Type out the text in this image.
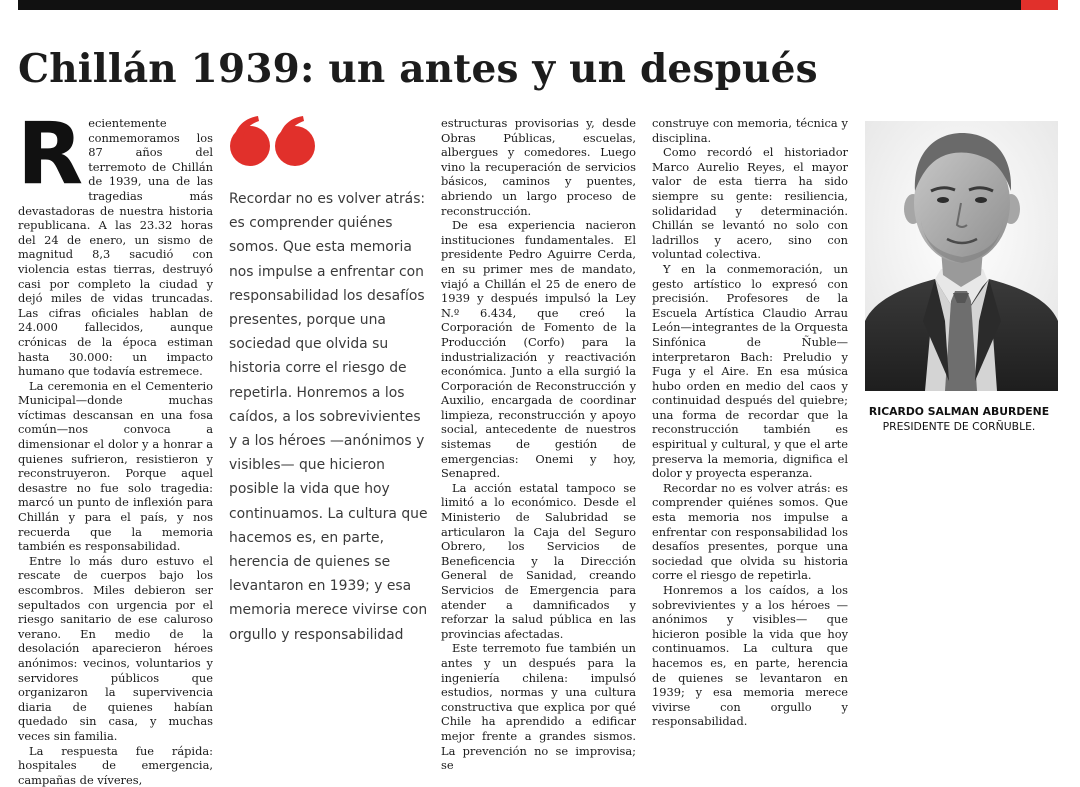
Chillán 1939: un antes y un después

Recientemente conmemoramos los 87 años del terremoto de Chillán de 1939, una de las tragedias más devastadoras de nuestra historia republicana. A las 23.32 horas del 24 de enero, un sismo de magnitud 8,3 sacudió con violencia estas tierras, destruyó casi por completo la ciudad y dejó miles de vidas truncadas. Las cifras oficiales hablan de 24.000 fallecidos, aunque crónicas de la época estiman hasta 30.000: un impacto humano que todavía estremece.

La ceremonia en el Cementerio Municipal—donde muchas víctimas descansan en una fosa común—nos convoca a dimensionar el dolor y a honrar a quienes sufrieron, resistieron y reconstruyeron. Porque aquel desastre no fue solo tragedia: marcó un punto de inflexión para Chillán y para el país, y nos recuerda que la memoria también es responsabilidad.

Entre lo más duro estuvo el rescate de cuerpos bajo los escombros. Miles debieron ser sepultados con urgencia por el riesgo sanitario de ese caluroso verano. En medio de la desolación aparecieron héroes anónimos: vecinos, voluntarios y servidores públicos que organizaron la supervivencia diaria de quienes habían quedado sin casa, y muchas veces sin familia.

La respuesta fue rápida: hospitales de emergencia, campañas de víveres,

Recordar no es volver atrás: es comprender quiénes somos. Que esta memoria nos impulse a enfrentar con responsabilidad los desafíos presentes, porque una sociedad que olvida su historia corre el riesgo de repetirla. Honremos a los caídos, a los sobrevivientes y a los héroes —anónimos y visibles— que hicieron posible la vida que hoy continuamos. La cultura que hacemos es, en parte, herencia de quienes se levantaron en 1939; y esa memoria merece vivirse con orgullo y responsabilidad

estructuras provisorias y, desde Obras Públicas, escuelas, albergues y comedores. Luego vino la recuperación de servicios básicos, caminos y puentes, abriendo un largo proceso de reconstrucción.

De esa experiencia nacieron instituciones fundamentales. El presidente Pedro Aguirre Cerda, en su primer mes de mandato, viajó a Chillán el 25 de enero de 1939 y después impulsó la Ley N.º 6.434, que creó la Corporación de Fomento de la Producción (Corfo) para la industrialización y reactivación económica. Junto a ella surgió la Corporación de Reconstrucción y Auxilio, encargada de coordinar limpieza, reconstrucción y apoyo social, antecedente de nuestros sistemas de gestión de emergencias: Onemi y hoy, Senapred.

La acción estatal tampoco se limitó a lo económico. Desde el Ministerio de Salubridad se articularon la Caja del Seguro Obrero, los Servicios de Beneficencia y la Dirección General de Sanidad, creando Servicios de Emergencia para atender a damnificados y reforzar la salud pública en las provincias afectadas.

Este terremoto fue también un antes y un después para la ingeniería chilena: impulsó estudios, normas y una cultura constructiva que explica por qué Chile ha aprendido a edificar mejor frente a grandes sismos. La prevención no se improvisa; se

construye con memoria, técnica y disciplina.

Como recordó el historiador Marco Aurelio Reyes, el mayor valor de esta tierra ha sido siempre su gente: resiliencia, solidaridad y determinación. Chillán se levantó no solo con ladrillos y acero, sino con voluntad colectiva.

Y en la conmemoración, un gesto artístico lo expresó con precisión. Profesores de la Escuela Artística Claudio Arrau León—integrantes de la Orquesta Sinfónica de Ñuble—interpretaron Bach: Preludio y Fuga y el Aire. En esa música hubo orden en medio del caos y continuidad después del quiebre; una forma de recordar que la reconstrucción también es espiritual y cultural, y que el arte preserva la memoria, dignifica el dolor y proyecta esperanza.

Recordar no es volver atrás: es comprender quiénes somos. Que esta memoria nos impulse a enfrentar con responsabilidad los desafíos presentes, porque una sociedad que olvida su historia corre el riesgo de repetirla.

Honremos a los caídos, a los sobrevivientes y a los héroes —anónimos y visibles— que hicieron posible la vida que hoy continuamos. La cultura que hacemos es, en parte, herencia de quienes se levantaron en 1939; y esa memoria merece vivirse con orgullo y responsabilidad.

RICARDO SALMAN ABURDENE
PRESIDENTE DE CORÑUBLE.
